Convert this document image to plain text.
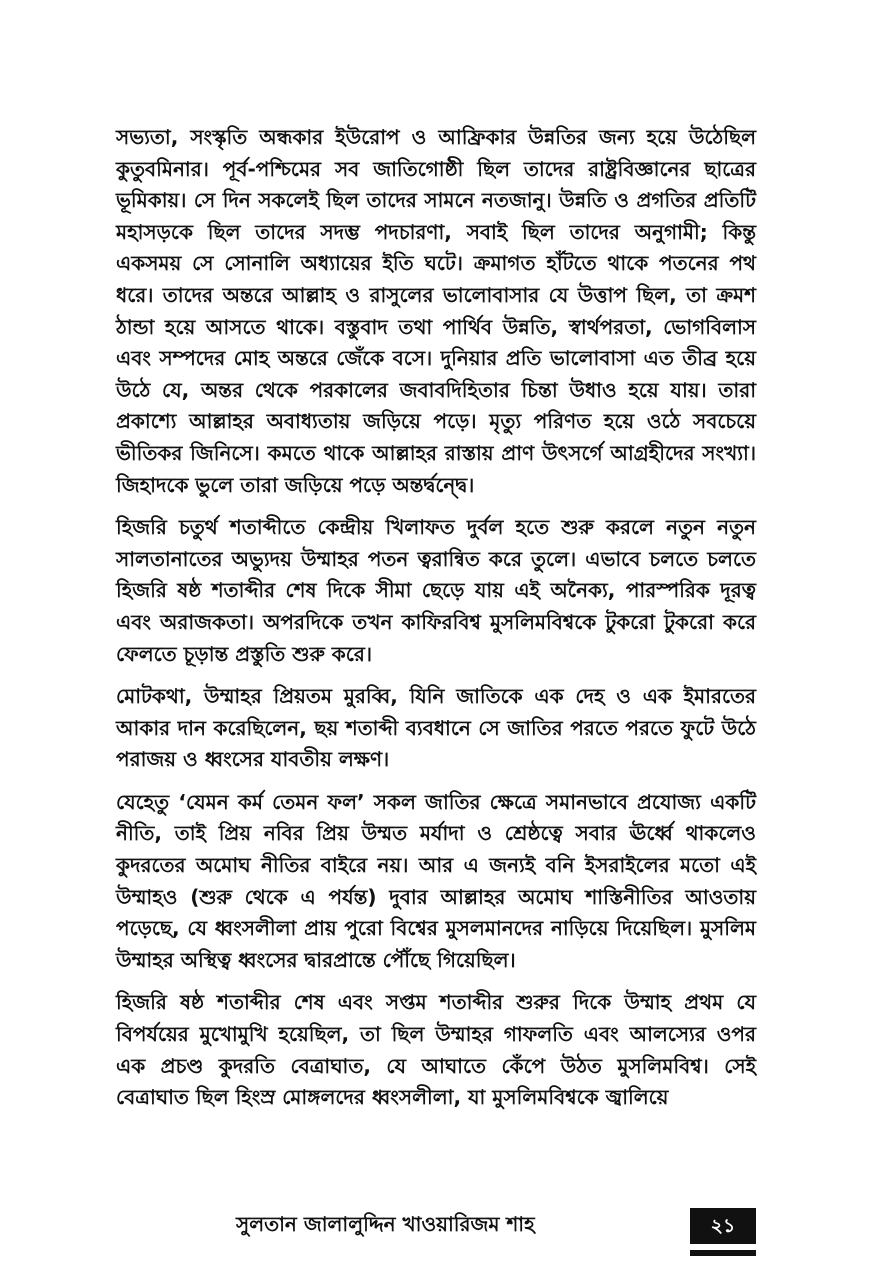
সভ্যতা, সংস্কৃতি অন্ধকার ইউরোপ ও আফ্রিকার উন্নতির জন্য হয়ে উঠেছিল কুতুবমিনার। পূর্ব-পশ্চিমের সব জাতিগোষ্ঠী ছিল তাদের রাষ্ট্রবিজ্ঞানের ছাত্রের ভূমিকায়। সে দিন সকলেই ছিল তাদের সামনে নতজানু। উন্নতি ও প্রগতির প্রতিটি মহাসড়কে ছিল তাদের সদম্ভ পদচারণা, সবাই ছিল তাদের অনুগামী; কিন্তু একসময় সে সোনালি অধ্যায়ের ইতি ঘটে। ক্রমাগত হাঁটতে থাকে পতনের পথ ধরে। তাদের অন্তরে আল্লাহ ও রাসুলের ভালোবাসার যে উত্তাপ ছিল, তা ক্রমশ ঠান্ডা হয়ে আসতে থাকে। বস্তুবাদ তথা পার্থিব উন্নতি, স্বার্থপরতা, ভোগবিলাস এবং সম্পদের মোহ অন্তরে জেঁকে বসে। দুনিয়ার প্রতি ভালোবাসা এত তীব্র হয়ে উঠে যে, অন্তর থেকে পরকালের জবাবদিহিতার চিন্তা উধাও হয়ে যায়। তারা প্রকাশ্যে আল্লাহর অবাধ্যতায় জড়িয়ে পড়ে। মৃত্যু পরিণত হয়ে ওঠে সবচেয়ে ভীতিকর জিনিসে। কমতে থাকে আল্লাহর রাস্তায় প্রাণ উৎসর্গে আগ্রহীদের সংখ্যা। জিহাদকে ভুলে তারা জড়িয়ে পড়ে অন্তর্দ্বন্দ্বে।

হিজরি চতুর্থ শতাব্দীতে কেন্দ্রীয় খিলাফত দুর্বল হতে শুরু করলে নতুন নতুন সালতানাতের অভ্যুদয় উম্মাহর পতন ত্বরান্বিত করে তুলে। এভাবে চলতে চলতে হিজরি ষষ্ঠ শতাব্দীর শেষ দিকে সীমা ছেড়ে যায় এই অনৈক্য, পারস্পরিক দূরত্ব এবং অরাজকতা। অপরদিকে তখন কাফিরবিশ্ব মুসলিমবিশ্বকে টুকরো টুকরো করে ফেলতে চূড়ান্ত প্রস্তুতি শুরু করে।

মোটকথা, উম্মাহর প্রিয়তম মুরব্বি, যিনি জাতিকে এক দেহ ও এক ইমারতের আকার দান করেছিলেন, ছয় শতাব্দী ব্যবধানে সে জাতির পরতে পরতে ফুটে উঠে পরাজয় ও ধ্বংসের যাবতীয় লক্ষণ।

যেহেতু ‘যেমন কর্ম তেমন ফল’ সকল জাতির ক্ষেত্রে সমানভাবে প্রযোজ্য একটি নীতি, তাই প্রিয় নবির প্রিয় উম্মত মর্যাদা ও শ্রেষ্ঠত্বে সবার ঊর্ধ্বে থাকলেও কুদরতের অমোঘ নীতির বাইরে নয়। আর এ জন্যই বনি ইসরাইলের মতো এই উম্মাহও (শুরু থেকে এ পর্যন্ত) দুবার আল্লাহর অমোঘ শাস্তিনীতির আওতায় পড়েছে, যে ধ্বংসলীলা প্রায় পুরো বিশ্বের মুসলমানদের নাড়িয়ে দিয়েছিল। মুসলিম উম্মাহর অস্থিত্ব ধ্বংসের দ্বারপ্রান্তে পৌঁছে গিয়েছিল।

হিজরি ষষ্ঠ শতাব্দীর শেষ এবং সপ্তম শতাব্দীর শুরুর দিকে উম্মাহ প্রথম যে বিপর্যয়ের মুখোমুখি হয়েছিল, তা ছিল উম্মাহর গাফলতি এবং আলস্যের ওপর এক প্রচণ্ড কুদরতি বেত্রাঘাত, যে আঘাতে কেঁপে উঠত মুসলিমবিশ্ব। সেই বেত্রাঘাত ছিল হিংস্র মোঙ্গলদের ধ্বংসলীলা, যা মুসলিমবিশ্বকে জ্বালিয়ে

সুলতান জালালুদ্দিন খাওয়ারিজম শাহ	২১
